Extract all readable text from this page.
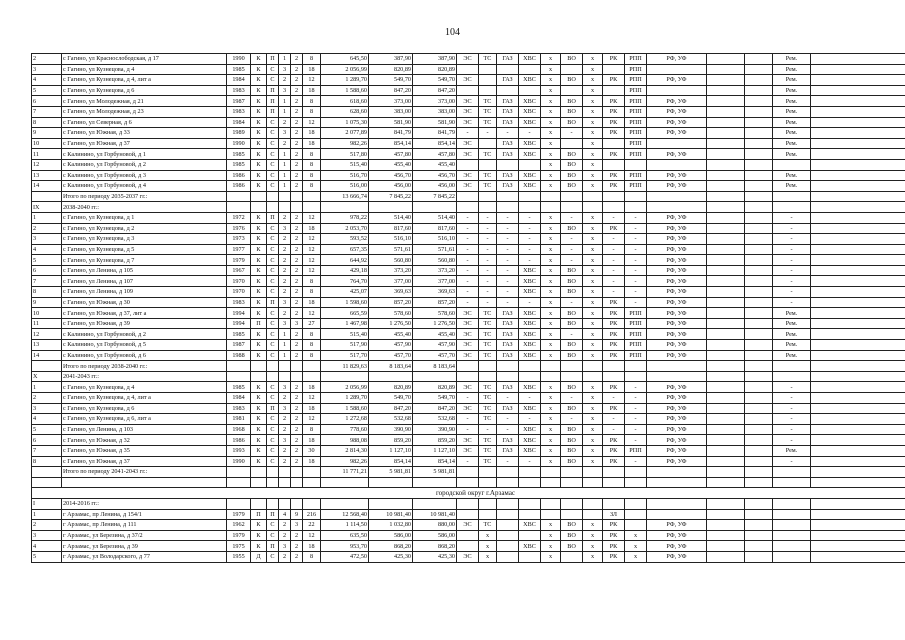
104
2	с Гагино, ул Краснослободская, д 17	1990	К	П	1	2	8	645,50	387,90	387,90	ЭС	ТС	ГАЗ	ХВС	х	ВО	х	РК	РПП	РФ, УФ			Рем.	
3	с Гагино, ул Кузнецова, д 4	1985	К	С	3	2	18	2 056,99	820,89	820,89					х		х		РПП				Рем.	
4	с Гагино, ул Кузнецова, д 4, лит а	1984	К	С	2	2	12	1 289,70	549,70	549,70	ЭС		ГАЗ	ХВС	х	ВО	х	РК	РПП	РФ, УФ			Рем.	
5	с Гагино, ул Кузнецова, д 6	1983	К	П	3	2	18	1 588,60	847,20	847,20					х		х		РПП				Рем.	
6	с Гагино, ул Молодежная, д 21	1987	К	П	1	2	8	618,60	373,00	373,00	ЭС	ТС	ГАЗ	ХВС	х	ВО	х	РК	РПП	РФ, УФ			Рем.	
7	с Гагино, ул Молодежная, д 23	1983	К	П	1	2	8	628,60	383,00	383,00	ЭС	ТС	ГАЗ	ХВС	х	ВО	х	РК	РПП	РФ, УФ			Рем.	
8	с Гагино, ул Северная, д 6	1984	К	С	2	2	12	1 075,30	581,90	581,90	ЭС	ТС	ГАЗ	ХВС	х	ВО	х	РК	РПП	РФ, УФ			Рем.	
9	с Гагино, ул Южная, д 33	1989	К	С	3	2	18	2 077,89	841,79	841,79	-	-	-	-	х	-	х	РК	РПП	РФ, УФ			Рем.	
10	с Гагино, ул Южная, д 37	1990	К	С	2	2	18	982,26	854,14	854,14	ЭС		ГАЗ	ХВС	х		х		РПП				Рем.	
11	с Калинино, ул Горбуновой, д 1	1985	К	С	1	2	8	517,80	457,80	457,80	ЭС	ТС	ГАЗ	ХВС	х	ВО	х	РК	РПП	РФ, УФ			Рем.	
12	с Калинино, ул Горбуновой, д 2	1985	К	С	1	2	8	515,40	455,40	455,40					х	ВО	х							
13	с Калинино, ул Горбуновой, д 3	1986	К	С	1	2	8	516,70	456,70	456,70	ЭС	ТС	ГАЗ	ХВС	х	ВО	х	РК	РПП	РФ, УФ			Рем.	
14	с Калинино, ул Горбуновой, д 4	1986	К	С	1	2	8	516,00	456,00	456,00	ЭС	ТС	ГАЗ	ХВС	х	ВО	х	РК	РПП	РФ, УФ			Рем.	
	Итого по периоду 2035-2037 гг.:							13 666,74	7 845,22	7 845,22														
IX	2038-2040 гг.:																							
1	с Гагино, ул Кузнецова, д 1	1972	К	П	2	2	12	978,22	514,40	514,40	-	-	-	-	х	-	х	-	-	РФ, УФ			-	
2	с Гагино, ул Кузнецова, д 2	1976	К	С	3	2	18	2 053,70	817,60	817,60	-	-	-	-	х	ВО	х	РК	-	РФ, УФ			-	
3	с Гагино, ул Кузнецова, д 3	1973	К	С	2	2	12	593,52	516,10	516,10	-	-	-	-	х	-	х	-	-	РФ, УФ			-	
4	с Гагино, ул Кузнецова, д 5	1977	К	С	2	2	12	657,35	571,61	571,61	-	-	-	-	х	-	х	-	-	РФ, УФ			-	
5	с Гагино, ул Кузнецова, д 7	1979	К	С	2	2	12	644,92	560,80	560,80	-	-	-	-	х	-	х	-	-	РФ, УФ			-	
6	с Гагино, ул Ленина, д 105	1967	К	С	2	2	12	429,18	373,20	373,20	-	-	-	ХВС	х	ВО	х	-	-	РФ, УФ			-	
7	с Гагино, ул Ленина, д 107	1970	К	С	2	2	8	764,70	377,00	377,00	-	-	-	ХВС	х	ВО	х	-	-	РФ, УФ			-	
8	с Гагино, ул Ленина, д 109	1970	К	С	2	2	8	425,07	369,63	369,63	-	-	-	ХВС	х	ВО	х	-	-	РФ, УФ			-	
9	с Гагино, ул Южная, д 30	1983	К	П	3	2	18	1 598,60	857,20	857,20	-	-	-	-	х	-	х	РК	-	РФ, УФ			-	
10	с Гагино, ул Южная, д 37, лит а	1994	К	С	2	2	12	665,59	578,60	578,60	ЭС	ТС	ГАЗ	ХВС	х	ВО	х	РК	РПП	РФ, УФ			Рем.	
11	с Гагино, ул Южная, д 39	1994	П	С	3	3	27	1 467,98	1 276,50	1 276,50	ЭС	ТС	ГАЗ	ХВС	х	ВО	х	РК	РПП	РФ, УФ			Рем.	
12	с Калинино, ул Горбуновой, д 2	1985	К	С	1	2	8	515,40	455,40	455,40	ЭС	ТС	ГАЗ	ХВС	х	-	х	РК	РПП	РФ, УФ			Рем.	
13	с Калинино, ул Горбуновой, д 5	1987	К	С	1	2	8	517,90	457,90	457,90	ЭС	ТС	ГАЗ	ХВС	х	ВО	х	РК	РПП	РФ, УФ			Рем.	
14	с Калинино, ул Горбуновой, д 6	1988	К	С	1	2	8	517,70	457,70	457,70	ЭС	ТС	ГАЗ	ХВС	х	ВО	х	РК	РПП	РФ, УФ			Рем.	
	Итого по периоду 2038-2040 гг.:							11 829,63	8 183,64	8 183,64														
X	2041-2043 гг.:																							
1	с Гагино, ул Кузнецова, д 4	1985	К	С	3	2	18	2 056,99	820,89	820,89	ЭС	ТС	ГАЗ	ХВС	х	ВО	х	РК	-	РФ, УФ			-	
2	с Гагино, ул Кузнецова, д 4, лит а	1984	К	С	2	2	12	1 289,70	549,70	549,70	-	ТС	-	-	х	-	х	-	-	РФ, УФ			-	
3	с Гагино, ул Кузнецова, д 6	1983	К	П	3	2	18	1 588,60	847,20	847,20	ЭС	ТС	ГАЗ	ХВС	х	ВО	х	РК	-	РФ, УФ			-	
4	с Гагино, ул Кузнецова, д 6, лит а	1981	К	С	2	2	12	1 272,68	532,68	532,68	-	ТС	-	-	х	-	х	-	-	РФ, УФ			-	
5	с Гагино, ул Ленина, д 103	1968	К	С	2	2	8	778,60	390,90	390,90	-	-	-	ХВС	х	ВО	х	-	-	РФ, УФ			-	
6	с Гагино, ул Южная, д 32	1986	К	С	3	2	18	988,08	859,20	859,20	ЭС	ТС	ГАЗ	ХВС	х	ВО	х	РК	-	РФ, УФ			-	
7	с Гагино, ул Южная, д 35	1993	К	С	2	2	30	2 814,30	1 127,10	1 127,10	ЭС	ТС	ГАЗ	ХВС	х	ВО	х	РК	РПП	РФ, УФ			Рем.	
8	с Гагино, ул Южная, д 37	1990	К	С	2	2	18	982,26	854,14	854,14	-	ТС	-	-	х	ВО	х	РК	-	РФ, УФ			-	
	Итого по периоду 2041-2043 гг.:							11 771,21	5 981,81	5 981,81														

городской округ г.Арзамас																								
I	2014-2016 гг.:																							
1	г Арзамас, пр Ленина, д 154/1	1979	П	П	4	9	216	12 568,40	10 981,40	10 981,40								ЗЛ						
2	г Арзамас, пр Ленина, д 111	1962	К	С	2	3	22	1 114,50	1 032,80	880,00	ЭС	ТС		ХВС	х	ВО	х	РК		РФ, УФ				
3	г Арзамас, ул Березина, д 37/2	1979	К	С	2	2	12	635,50	586,00	586,00		х			х	ВО	х	РК	х	РФ, УФ				
4	г Арзамас, ул Березина, д 39	1975	К	П	3	2	18	953,70	868,20	868,20		х		ХВС	х	ВО	х	РК	х	РФ, УФ				
5	г Арзамас, ул Володарского, д 77	1955	Д	С	2	2	8	472,50	425,30	425,30	ЭС	х			х		х	РК	х	РФ, УФ				
